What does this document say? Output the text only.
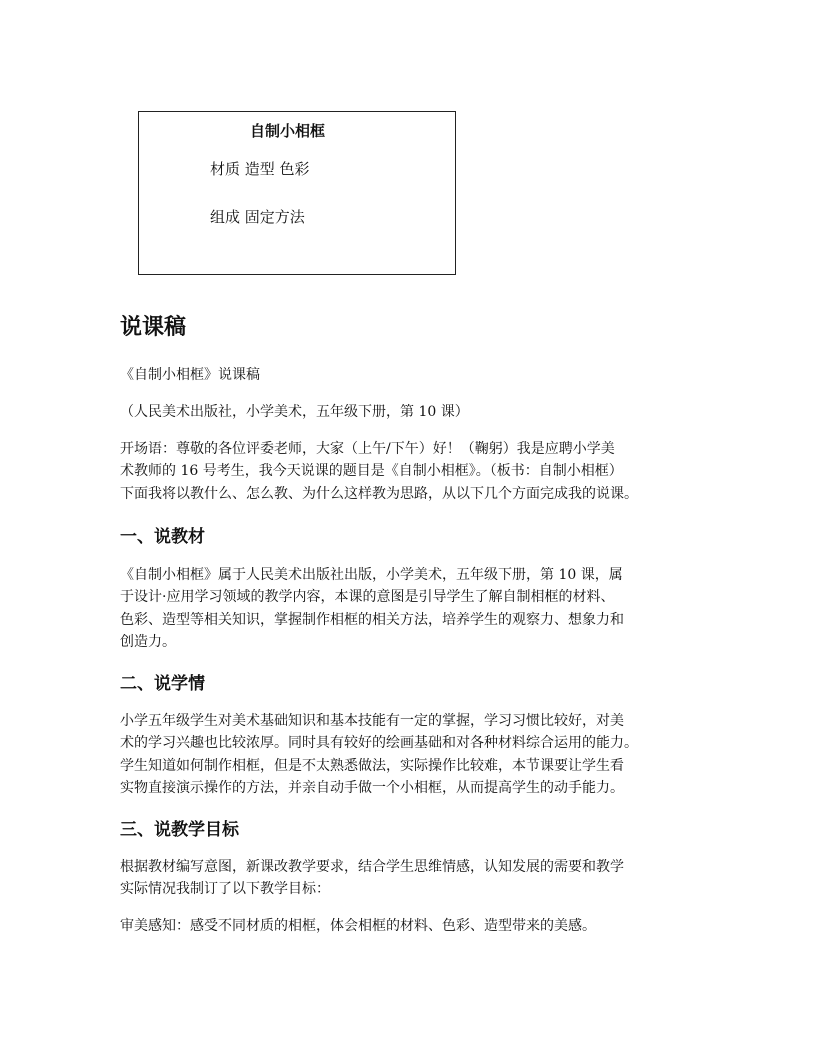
自制小相框
材质 造型 色彩
组成 固定方法
说课稿

《自制小相框》说课稿

（人民美术出版社，小学美术，五年级下册，第 10 课）

开场语：尊敬的各位评委老师，大家（上午/下午）好！（鞠躬）我是应聘小学美
术教师的 16 号考生，我今天说课的题目是《自制小相框》。（板书：自制小相框）
下面我将以教什么、怎么教、为什么这样教为思路，从以下几个方面完成我的说课。

一、说教材

《自制小相框》属于人民美术出版社出版，小学美术，五年级下册，第 10 课，属
于设计·应用学习领域的教学内容，本课的意图是引导学生了解自制相框的材料、
色彩、造型等相关知识，掌握制作相框的相关方法，培养学生的观察力、想象力和
创造力。

二、说学情

小学五年级学生对美术基础知识和基本技能有一定的掌握，学习习惯比较好，对美
术的学习兴趣也比较浓厚。同时具有较好的绘画基础和对各种材料综合运用的能力。
学生知道如何制作相框，但是不太熟悉做法，实际操作比较难，本节课要让学生看
实物直接演示操作的方法，并亲自动手做一个小相框，从而提高学生的动手能力。

三、说教学目标

根据教材编写意图，新课改教学要求，结合学生思维情感，认知发展的需要和教学
实际情况我制订了以下教学目标：

审美感知：感受不同材质的相框，体会相框的材料、色彩、造型带来的美感。
